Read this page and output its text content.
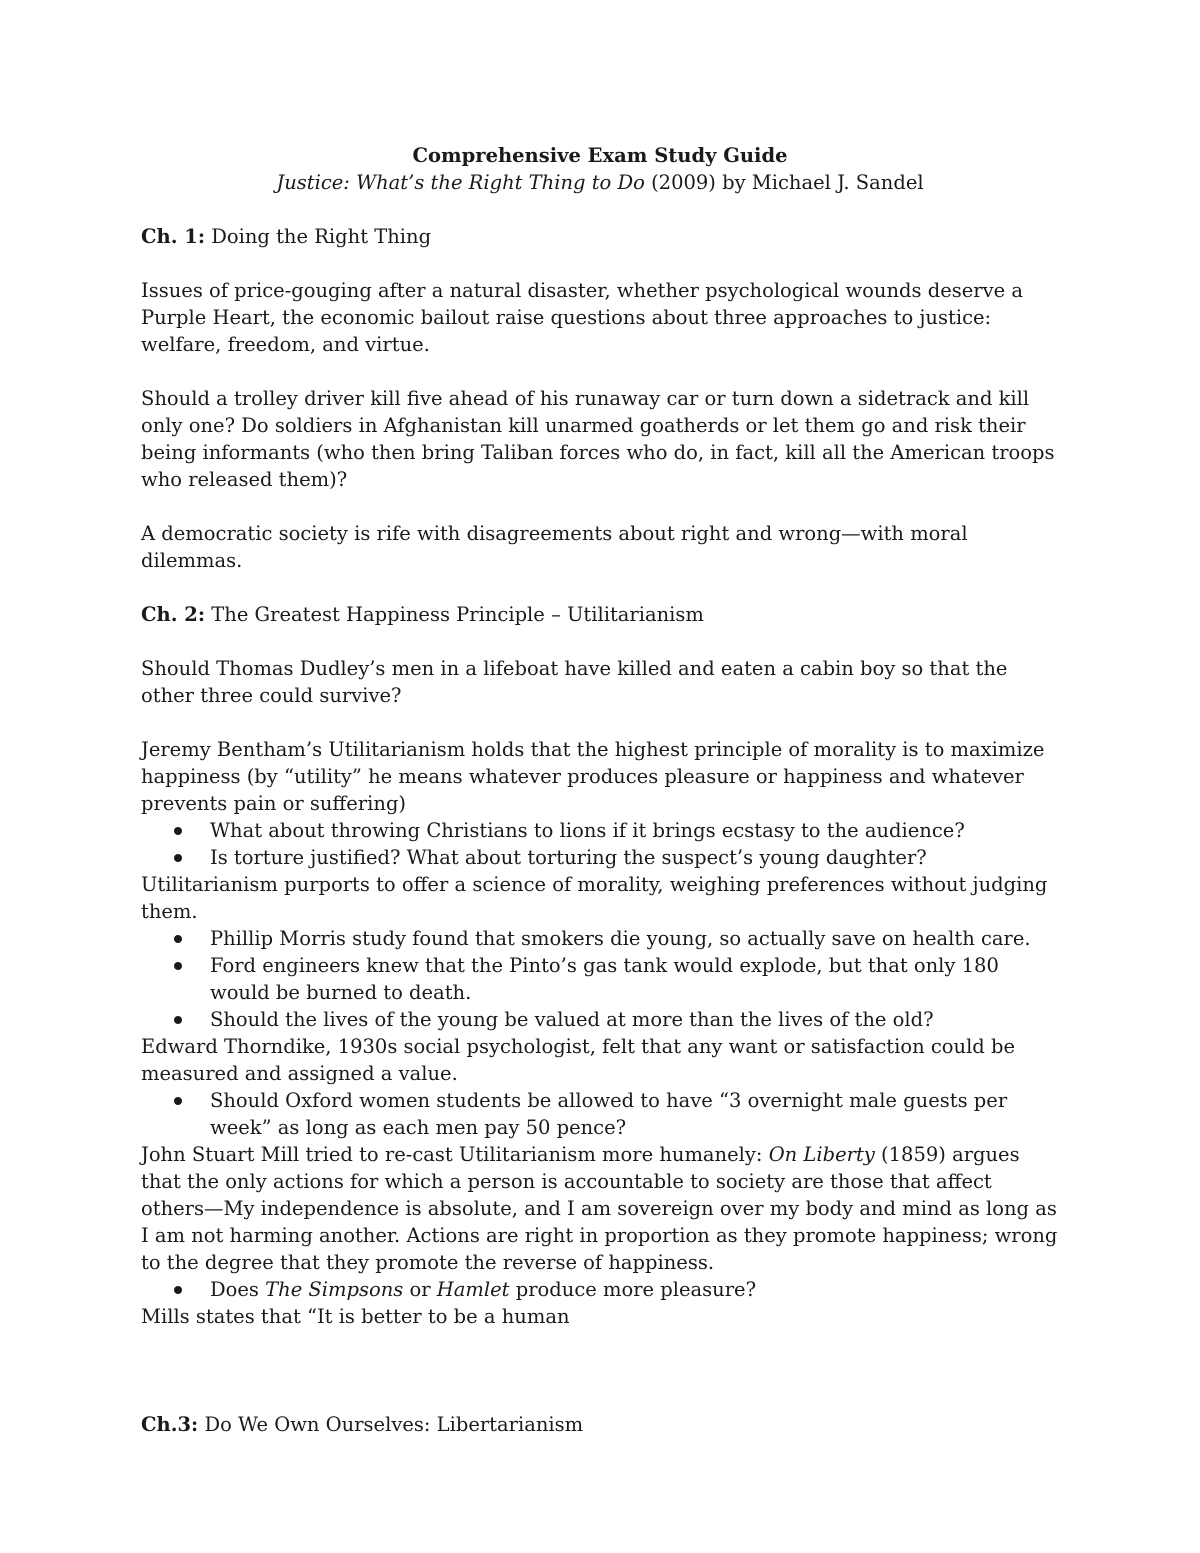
Comprehensive Exam Study Guide
Justice: What’s the Right Thing to Do (2009) by Michael J. Sandel
Ch. 1: Doing the Right Thing

Issues of price-gouging after a natural disaster, whether psychological wounds deserve a Purple Heart, the economic bailout raise questions about three approaches to justice: welfare, freedom, and virtue.

Should a trolley driver kill five ahead of his runaway car or turn down a sidetrack and kill only one? Do soldiers in Afghanistan kill unarmed goatherds or let them go and risk their being informants (who then bring Taliban forces who do, in fact, kill all the American troops who released them)?

A democratic society is rife with disagreements about right and wrong—with moral dilemmas.

Ch. 2: The Greatest Happiness Principle – Utilitarianism

Should Thomas Dudley’s men in a lifeboat have killed and eaten a cabin boy so that the other three could survive?

Jeremy Bentham’s Utilitarianism holds that the highest principle of morality is to maximize happiness (by “utility” he means whatever produces pleasure or happiness and whatever prevents pain or suffering)

What about throwing Christians to lions if it brings ecstasy to the audience?
Is torture justified? What about torturing the suspect’s young daughter?

Utilitarianism purports to offer a science of morality, weighing preferences without judging them.

Phillip Morris study found that smokers die young, so actually save on health care.
Ford engineers knew that the Pinto’s gas tank would explode, but that only 180 would be burned to death.
Should the lives of the young be valued at more than the lives of the old?

Edward Thorndike, 1930s social psychologist, felt that any want or satisfaction could be measured and assigned a value.

Should Oxford women students be allowed to have “3 overnight male guests per week” as long as each men pay 50 pence?

John Stuart Mill tried to re-cast Utilitarianism more humanely: On Liberty (1859) argues that the only actions for which a person is accountable to society are those that affect others—My independence is absolute, and I am sovereign over my body and mind as long as I am not harming another. Actions are right in proportion as they promote happiness; wrong to the degree that they promote the reverse of happiness.

Does The Simpsons or Hamlet produce more pleasure?

Mills states that “It is better to be a human

Ch.3: Do We Own Ourselves: Libertarianism
